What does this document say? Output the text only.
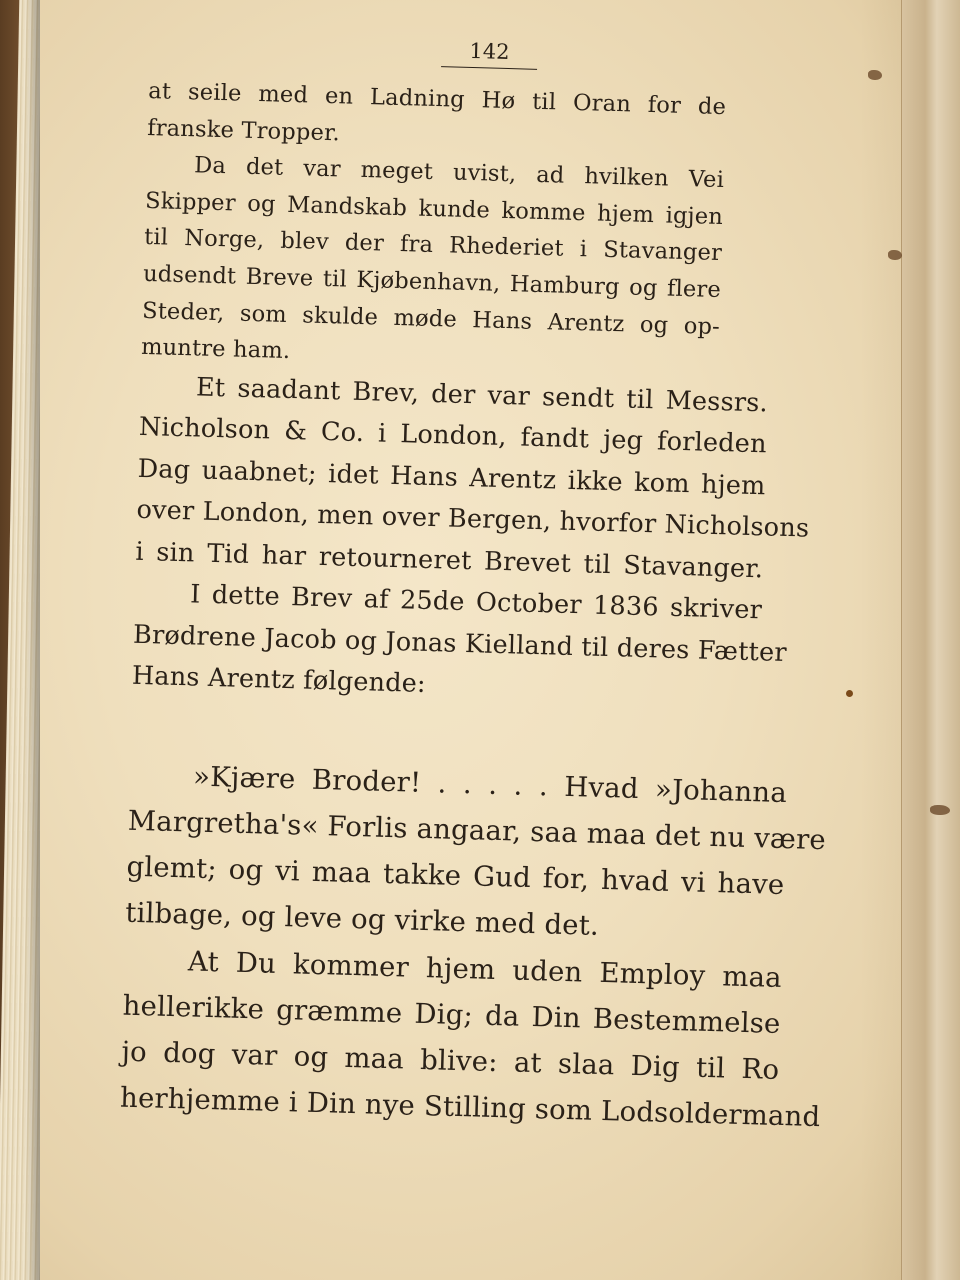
142
at seile med en Ladning Hø til Oran for de
franske Tropper.
Da det var meget uvist, ad hvilken Vei
Skipper og Mandskab kunde komme hjem igjen
til Norge, blev der fra Rhederiet i Stavanger
udsendt Breve til Kjøbenhavn, Hamburg og flere
Steder, som skulde møde Hans Arentz og op-
muntre ham.
Et saadant Brev, der var sendt til Messrs.
Nicholson & Co. i London, fandt jeg forleden
Dag uaabnet; idet Hans Arentz ikke kom hjem
over London, men over Bergen, hvorfor Nicholsons
i sin Tid har retourneret Brevet til Stavanger.
I dette Brev af 25de October 1836 skriver
Brødrene Jacob og Jonas Kielland til deres Fætter
Hans Arentz følgende:
»Kjære Broder! . . . . . Hvad »Johanna
Margretha's« Forlis angaar, saa maa det nu være
glemt; og vi maa takke Gud for, hvad vi have
tilbage, og leve og virke med det.
At Du kommer hjem uden Employ maa
hellerikke græmme Dig; da Din Bestemmelse
jo dog var og maa blive: at slaa Dig til Ro
herhjemme i Din nye Stilling som Lodsoldermand
